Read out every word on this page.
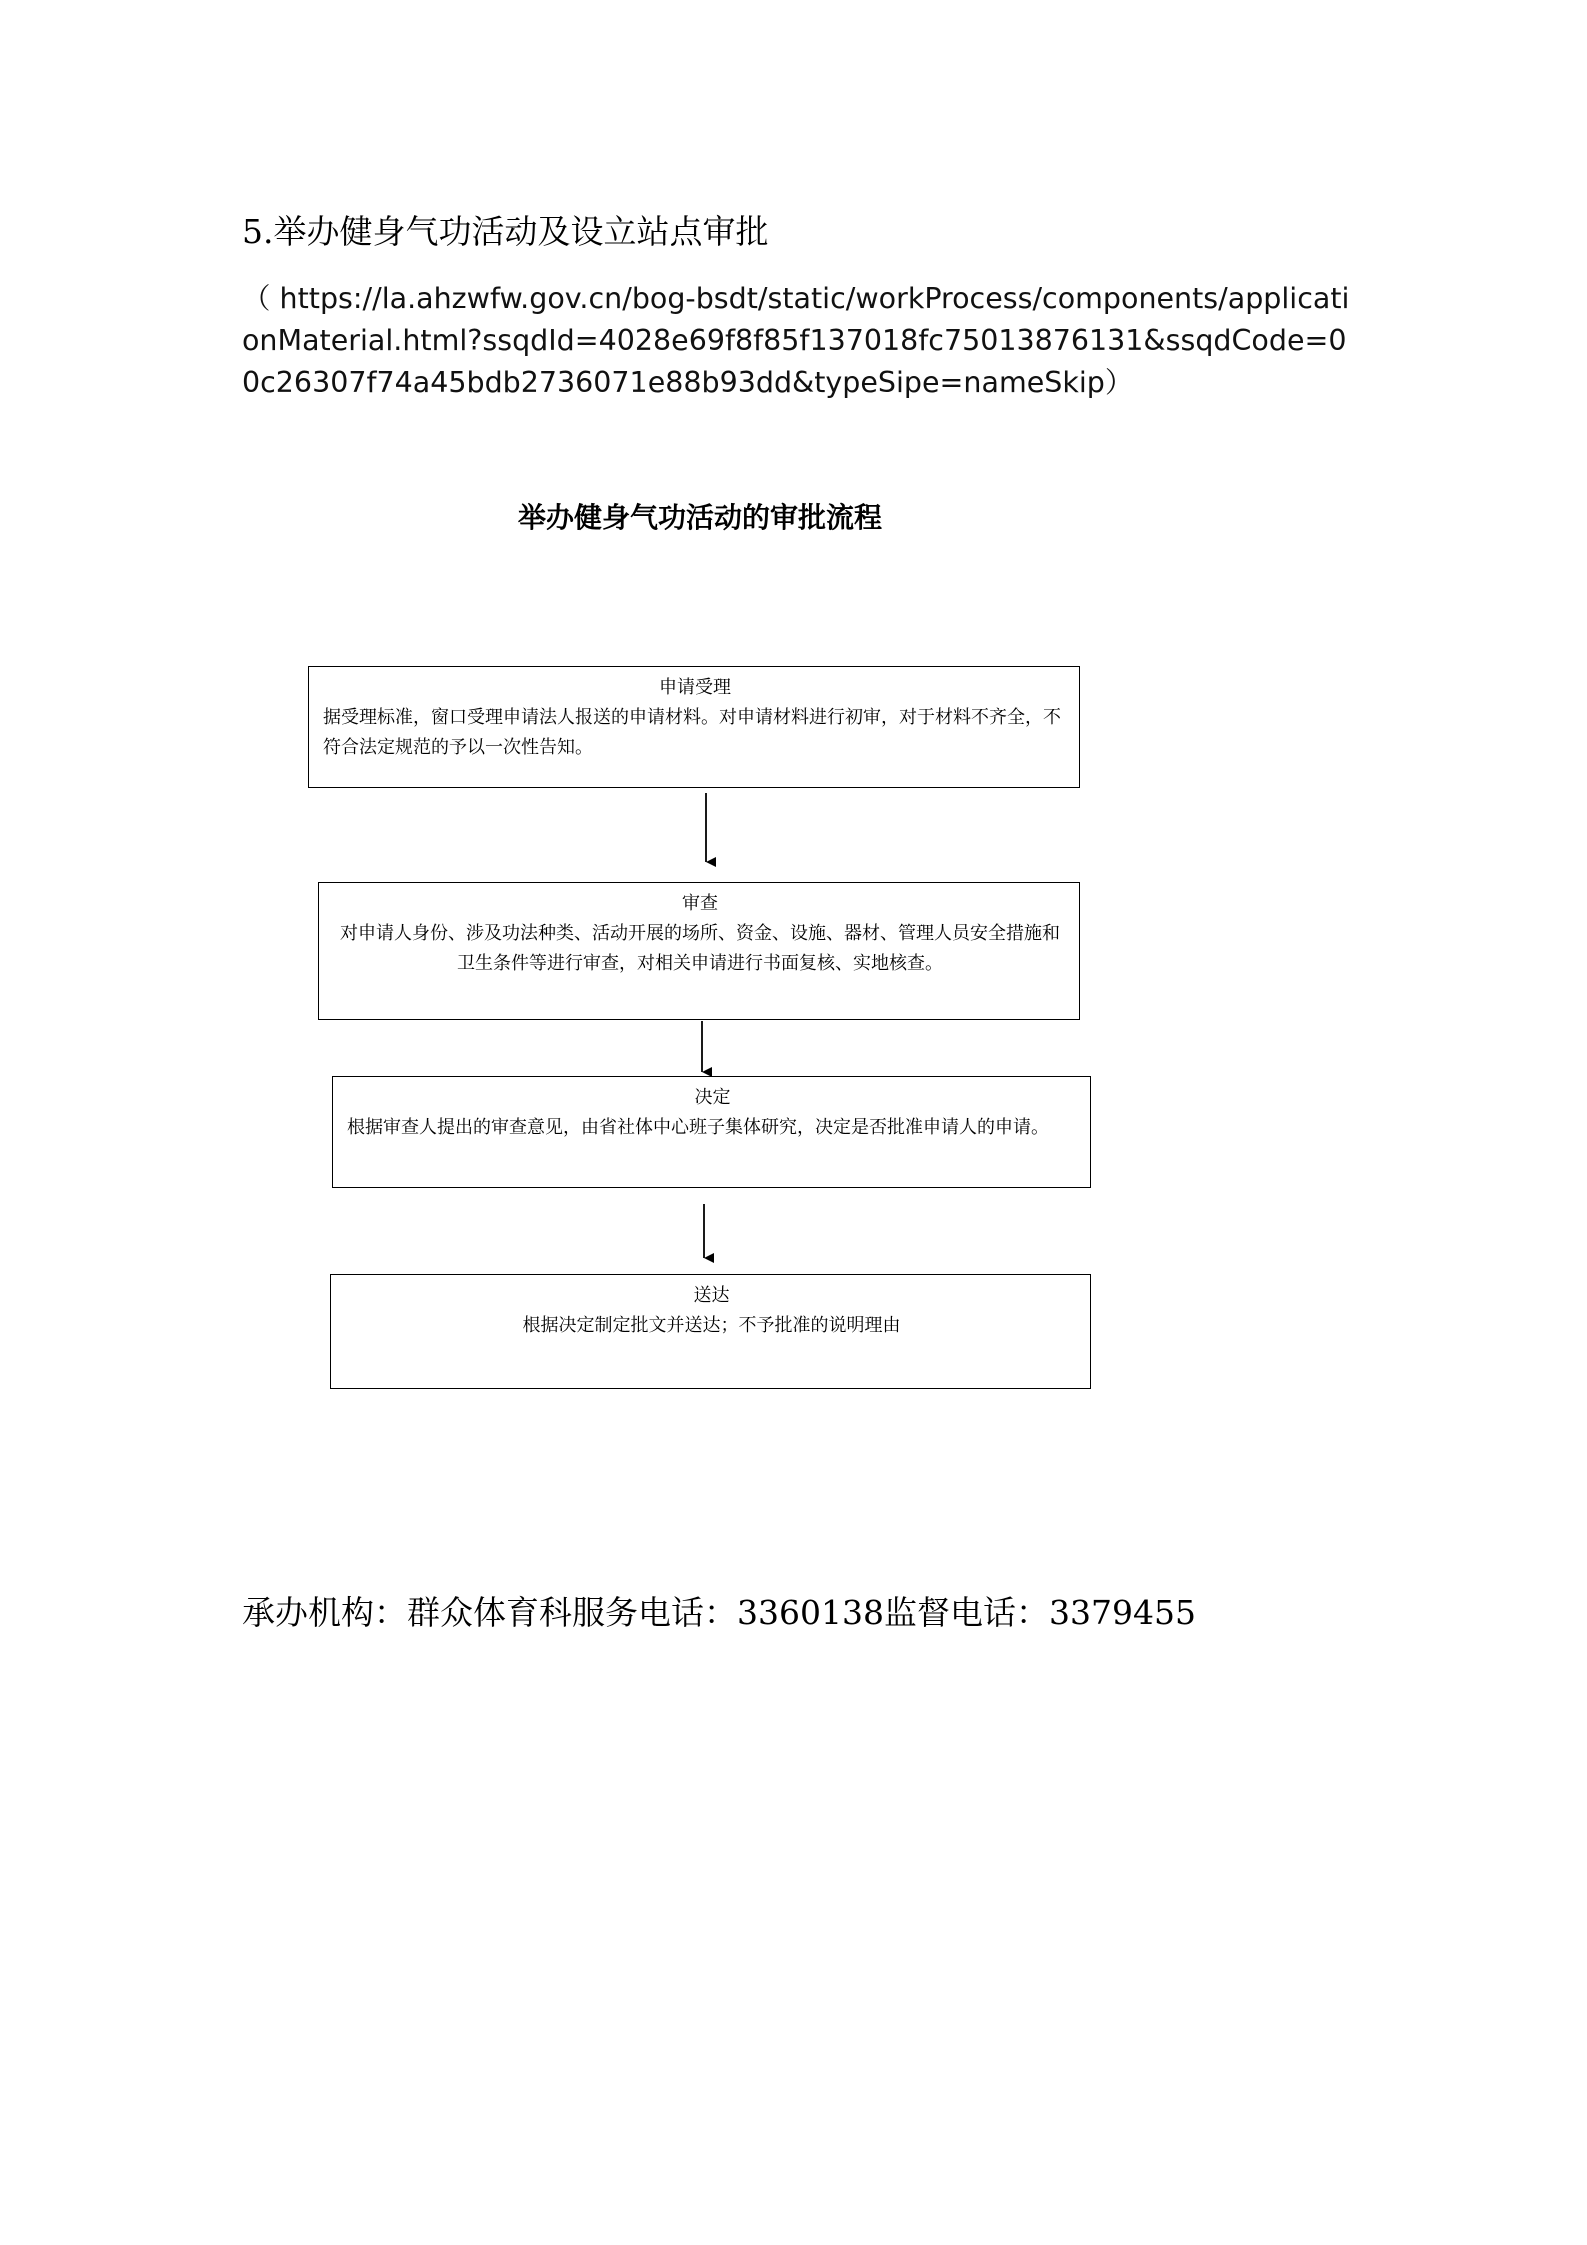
5.举办健身气功活动及设立站点审批
（ https://la.ahzwfw.gov.cn/bog-bsdt/static/workProcess/components/applicationMaterial.html?ssqdId=4028e69f8f85f137018fc75013876131&ssqdCode=00c26307f74a45bdb2736071e88b93dd&typeSipe=nameSkip）
举办健身气功活动的审批流程
申请受理
据受理标准，窗口受理申请法人报送的申请材料。对申请材料进行初审，对于材料不齐全，不符合法定规范的予以一次性告知。
审查
对申请人身份、涉及功法种类、活动开展的场所、资金、设施、器材、管理人员安全措施和卫生条件等进行审查，对相关申请进行书面复核、实地核查。
决定
根据审查人提出的审查意见，由省社体中心班子集体研究，决定是否批准申请人的申请。
送达
根据决定制定批文并送达；不予批准的说明理由
承办机构：群众体育科服务电话：3360138监督电话：3379455
